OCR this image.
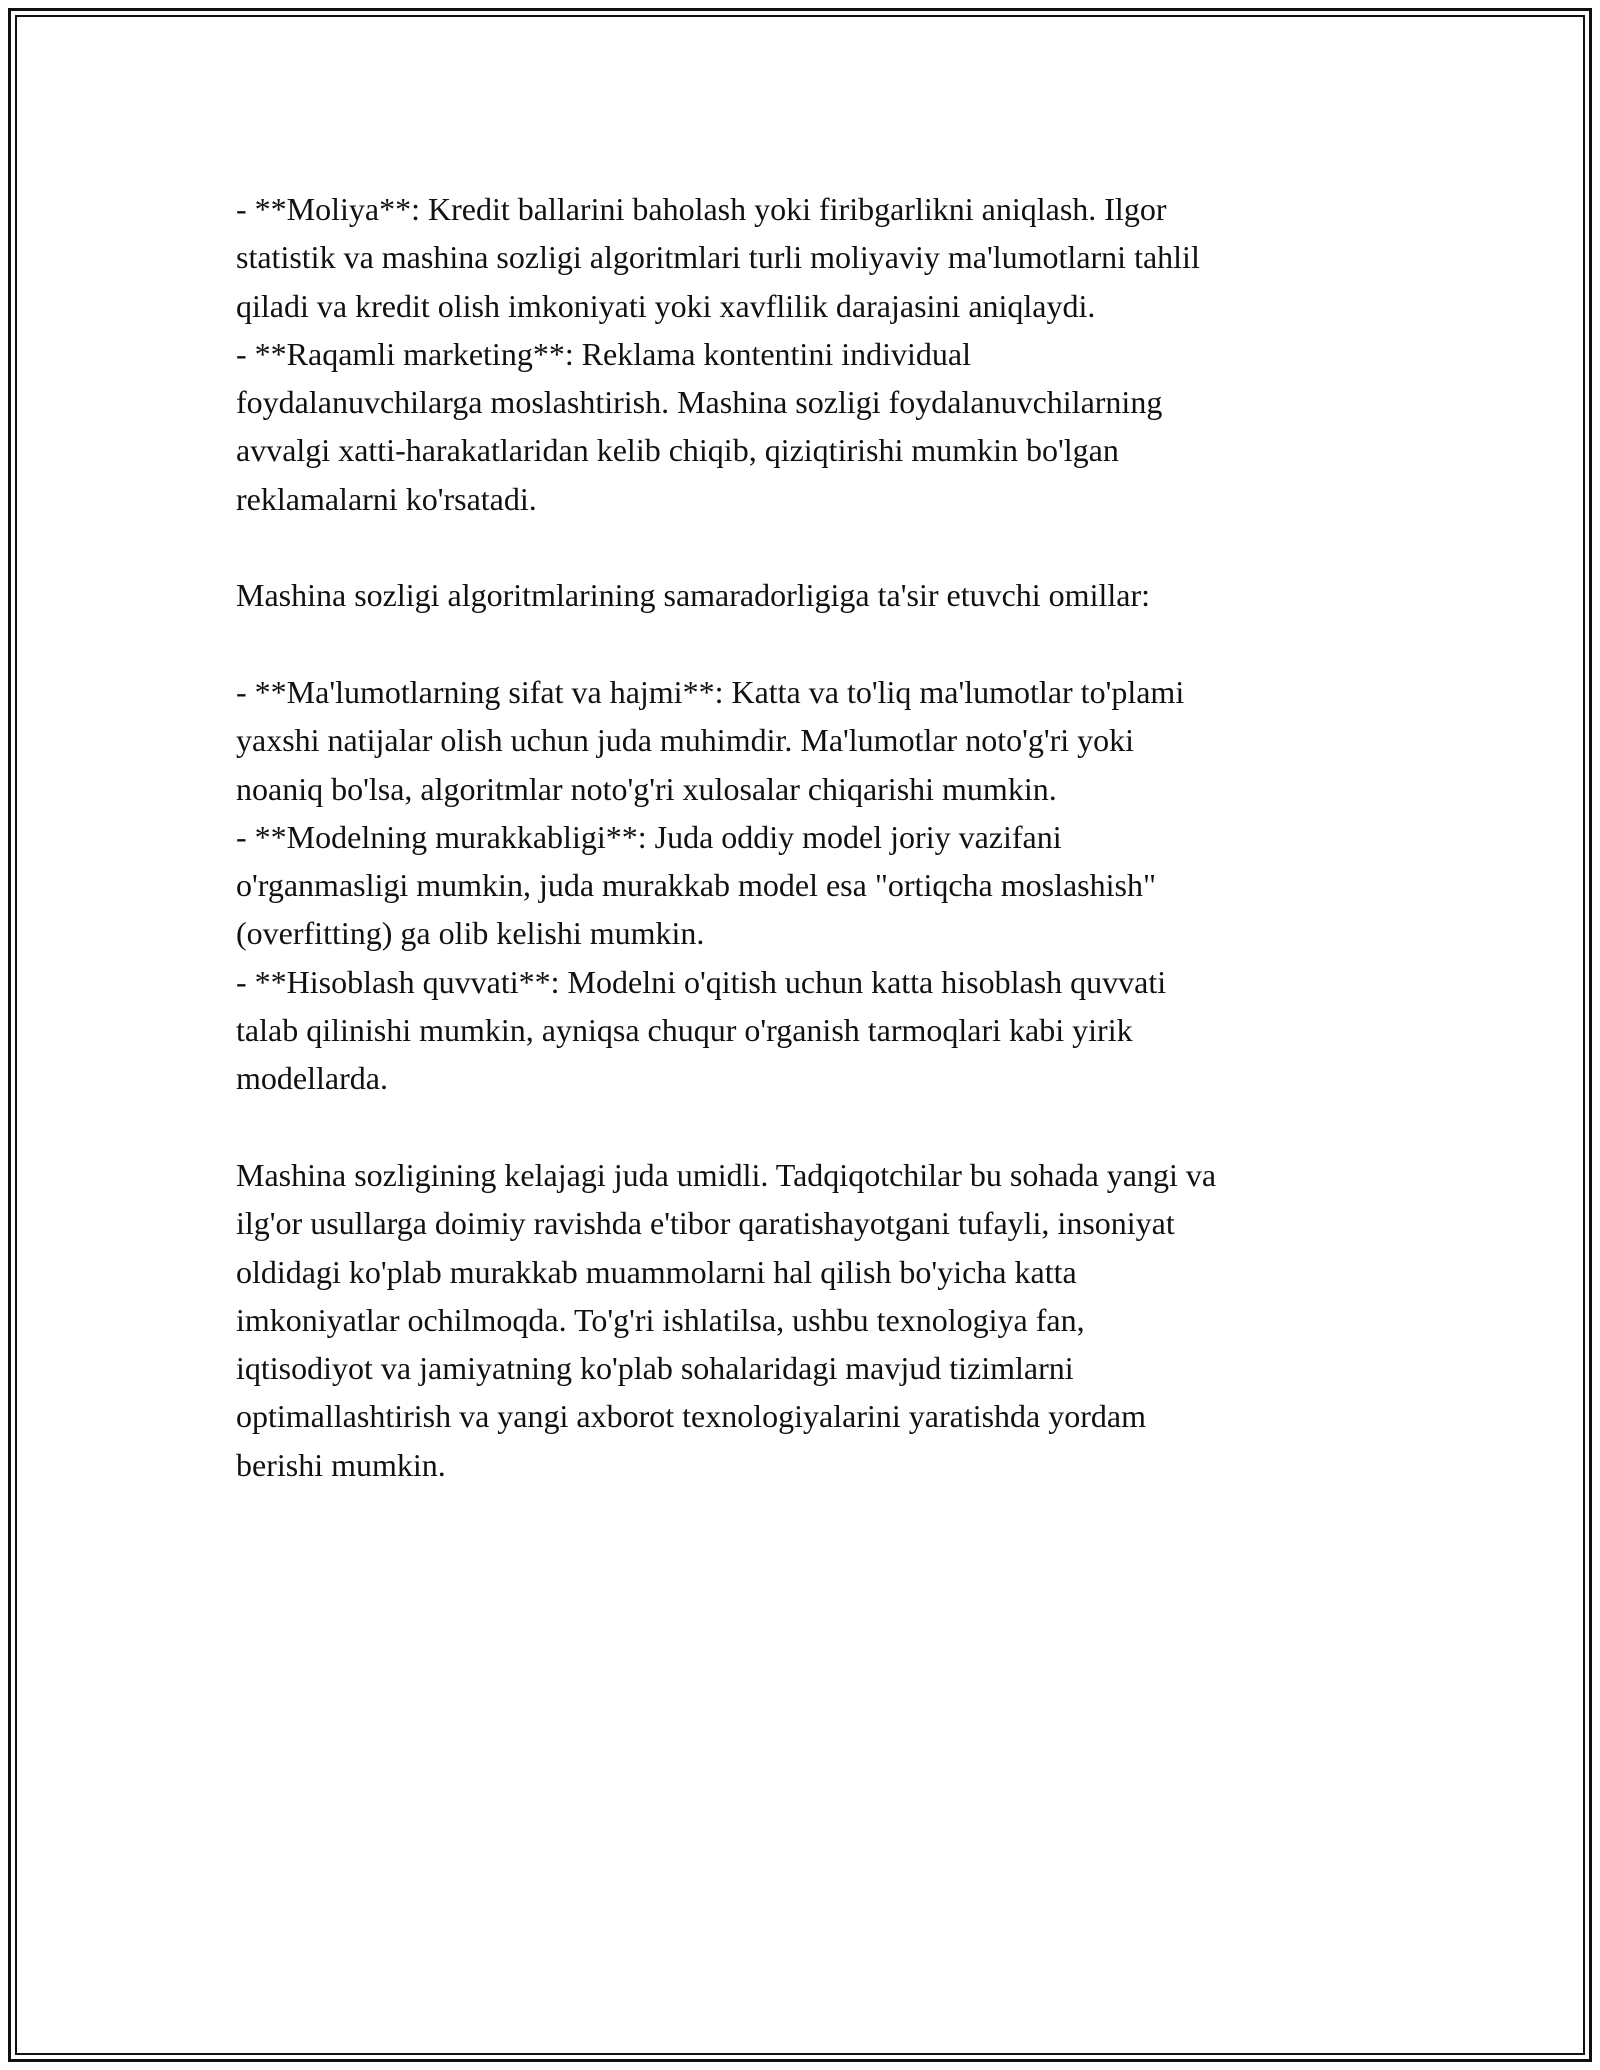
- **Moliya**: Kredit ballarini baholash yoki firibgarlikni aniqlash. Ilgor

statistik va mashina sozligi algoritmlari turli moliyaviy ma'lumotlarni tahlil

qiladi va kredit olish imkoniyati yoki xavflilik darajasini aniqlaydi.

- **Raqamli marketing**: Reklama kontentini individual

foydalanuvchilarga moslashtirish. Mashina sozligi foydalanuvchilarning

avvalgi xatti-harakatlaridan kelib chiqib, qiziqtirishi mumkin bo'lgan

reklamalarni ko'rsatadi.

Mashina sozligi algoritmlarining samaradorligiga ta'sir etuvchi omillar:

- **Ma'lumotlarning sifat va hajmi**: Katta va to'liq ma'lumotlar to'plami

yaxshi natijalar olish uchun juda muhimdir. Ma'lumotlar noto'g'ri yoki

noaniq bo'lsa, algoritmlar noto'g'ri xulosalar chiqarishi mumkin.

- **Modelning murakkabligi**: Juda oddiy model joriy vazifani

o'rganmasligi mumkin, juda murakkab model esa "ortiqcha moslashish"

(overfitting) ga olib kelishi mumkin.

- **Hisoblash quvvati**: Modelni o'qitish uchun katta hisoblash quvvati

talab qilinishi mumkin, ayniqsa chuqur o'rganish tarmoqlari kabi yirik

modellarda.

Mashina sozligining kelajagi juda umidli. Tadqiqotchilar bu sohada yangi va

ilg'or usullarga doimiy ravishda e'tibor qaratishayotgani tufayli, insoniyat

oldidagi ko'plab murakkab muammolarni hal qilish bo'yicha katta

imkoniyatlar ochilmoqda. To'g'ri ishlatilsa, ushbu texnologiya fan,

iqtisodiyot va jamiyatning ko'plab sohalaridagi mavjud tizimlarni

optimallashtirish va yangi axborot texnologiyalarini yaratishda yordam

berishi mumkin.
